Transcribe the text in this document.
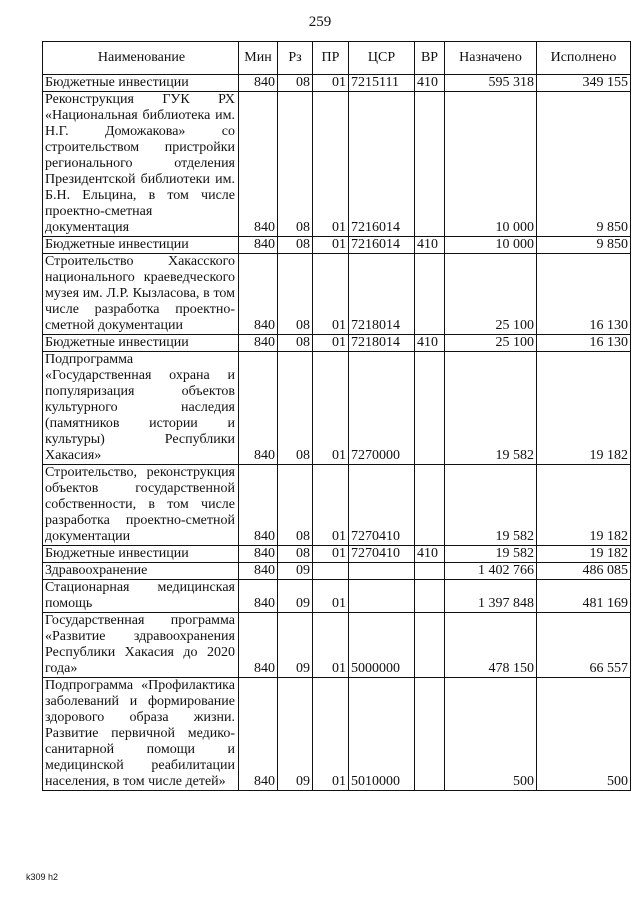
259
Наименование	Мин	Рз	ПР	ЦСР	ВР	Назначено	Исполнено
Бюджетные инвестиции	840	08	01	7215111	410	595 318	349 155
Реконструкция ГУК РХ «Национальная библиотека им. Н.Г. Доможакова» со строительством пристройки регионального отделения Президентской библиотеки им. Б.Н. Ельцина, в том числе проектно-сметная документация	840	08	01	7216014		10 000	9 850
Бюджетные инвестиции	840	08	01	7216014	410	10 000	9 850
Строительство Хакасского национального краеведческого музея им. Л.Р. Кызласова, в том числе разработка проектно-сметной документации	840	08	01	7218014		25 100	16 130
Бюджетные инвестиции	840	08	01	7218014	410	25 100	16 130
Подпрограмма «Государственная охрана и популяризация объектов культурного наследия (памятников истории и культуры) Республики Хакасия»	840	08	01	7270000		19 582	19 182
Строительство, реконструкция объектов государственной собственности, в том числе разработка проектно-сметной документации	840	08	01	7270410		19 582	19 182
Бюджетные инвестиции	840	08	01	7270410	410	19 582	19 182
Здравоохранение	840	09				1 402 766	486 085
Стационарная медицинская помощь	840	09	01			1 397 848	481 169
Государственная программа «Развитие здравоохранения Республики Хакасия до 2020 года»	840	09	01	5000000		478 150	66 557
Подпрограмма «Профилактика заболеваний и формирование здорового образа жизни. Развитие первичной медико-санитарной помощи и медицинской реабилитации населения, в том числе детей»	840	09	01	5010000		500	500
k309 h2
